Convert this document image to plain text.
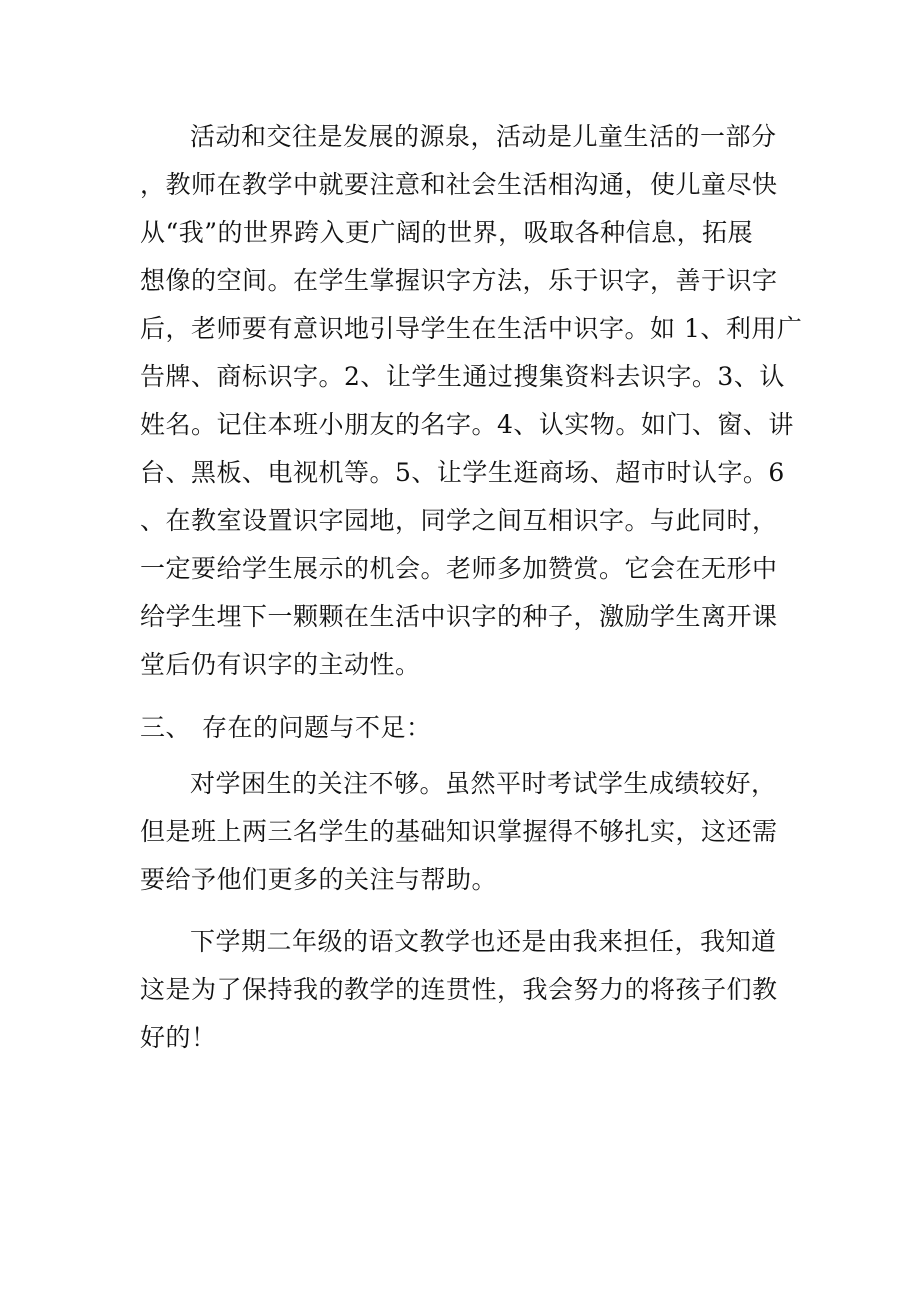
活动和交往是发展的源泉，活动是儿童生活的一部分
，教师在教学中就要注意和社会生活相沟通，使儿童尽快
从“我”的世界跨入更广阔的世界，吸取各种信息，拓展
想像的空间。在学生掌握识字方法，乐于识字，善于识字
后，老师要有意识地引导学生在生活中识字。如 1、利用广
告牌、商标识字。2、让学生通过搜集资料去识字。3、认
姓名。记住本班小朋友的名字。4、认实物。如门、窗、讲
台、黑板、电视机等。5、让学生逛商场、超市时认字。6
、在教室设置识字园地，同学之间互相识字。与此同时，
一定要给学生展示的机会。老师多加赞赏。它会在无形中
给学生埋下一颗颗在生活中识字的种子，激励学生离开课
堂后仍有识字的主动性。
三、 存在的问题与不足：
对学困生的关注不够。虽然平时考试学生成绩较好，
但是班上两三名学生的基础知识掌握得不够扎实，这还需
要给予他们更多的关注与帮助。
下学期二年级的语文教学也还是由我来担任，我知道
这是为了保持我的教学的连贯性，我会努力的将孩子们教
好的！
